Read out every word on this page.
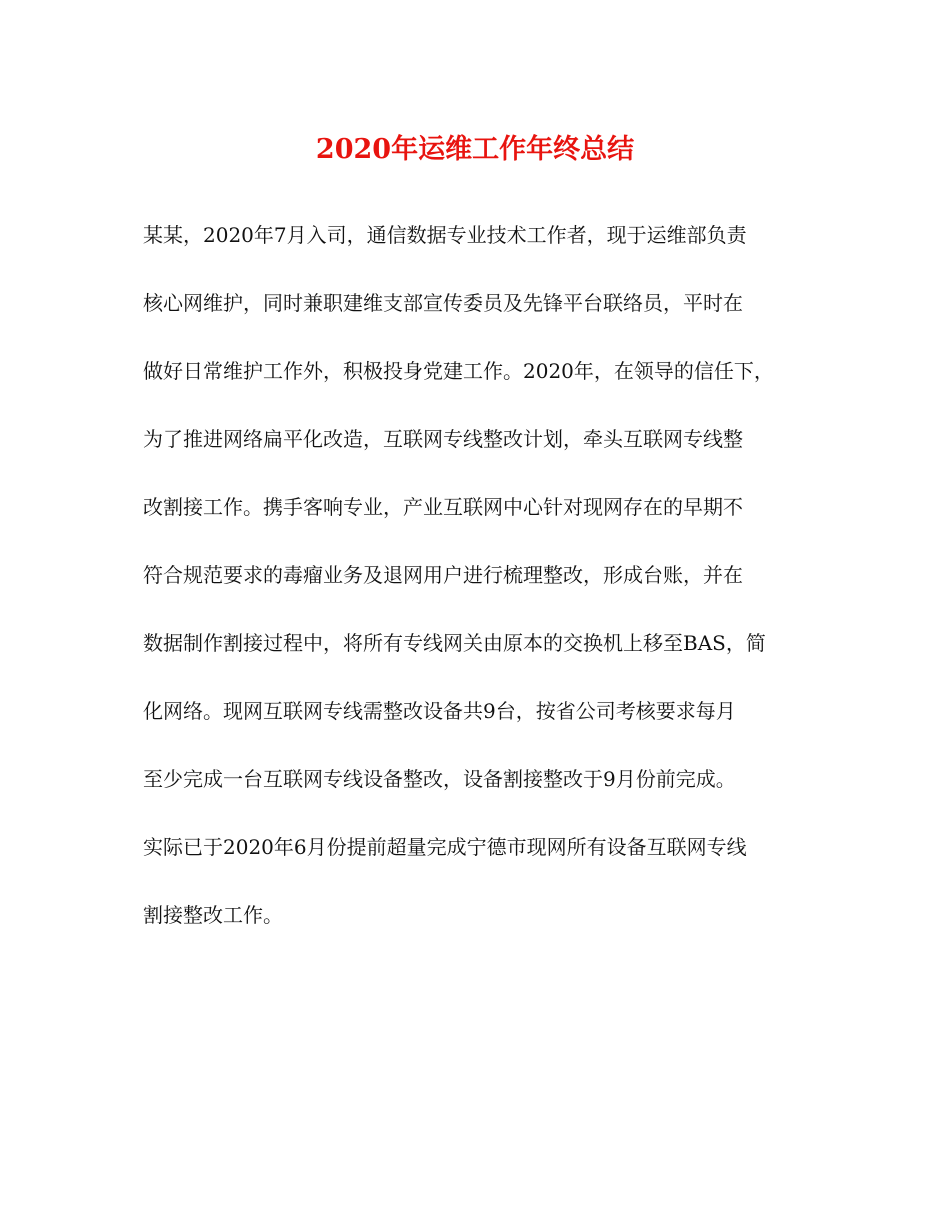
2020年运维工作年终总结
某某，2020年7月入司，通信数据专业技术工作者，现于运维部负责
核心网维护，同时兼职建维支部宣传委员及先锋平台联络员，平时在
做好日常维护工作外，积极投身党建工作。2020年，在领导的信任下，
为了推进网络扁平化改造，互联网专线整改计划，牵头互联网专线整
改割接工作。携手客响专业，产业互联网中心针对现网存在的早期不
符合规范要求的毒瘤业务及退网用户进行梳理整改，形成台账，并在
数据制作割接过程中，将所有专线网关由原本的交换机上移至BAS，简
化网络。现网互联网专线需整改设备共9台，按省公司考核要求每月
至少完成一台互联网专线设备整改，设备割接整改于9月份前完成。
实际已于2020年6月份提前超量完成宁德市现网所有设备互联网专线
割接整改工作。
